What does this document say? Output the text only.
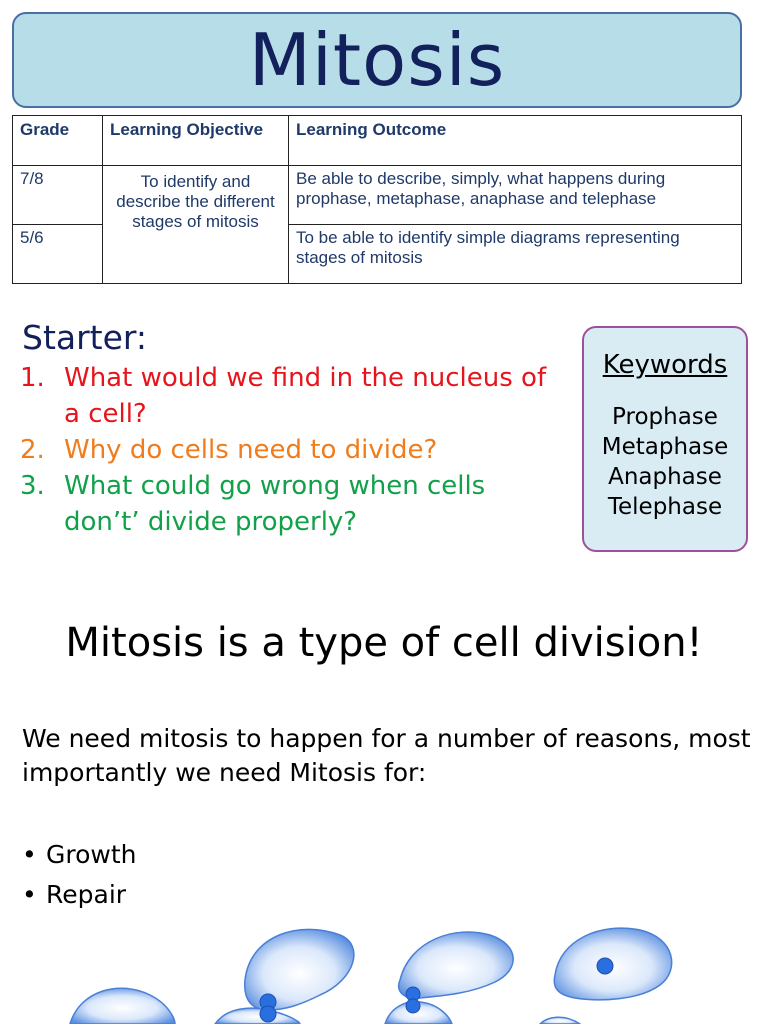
Mitosis
Grade	Learning Objective	Learning Outcome
7/8	To identify and describe the different stages of mitosis	Be able to describe, simply, what happens during prophase, metaphase, anaphase and telephase
5/6		To be able to identify simple diagrams representing stages of mitosis
Starter:
1. What would we find in the nucleus of a cell?
2. Why do cells need to divide?
3. What could go wrong when cells don’t’ divide properly?
Keywords
Prophase
Metaphase
Anaphase
Telephase
Mitosis is a type of cell division!
We need mitosis to happen for a number of reasons, most importantly we need Mitosis for:
• Growth
• Repair
